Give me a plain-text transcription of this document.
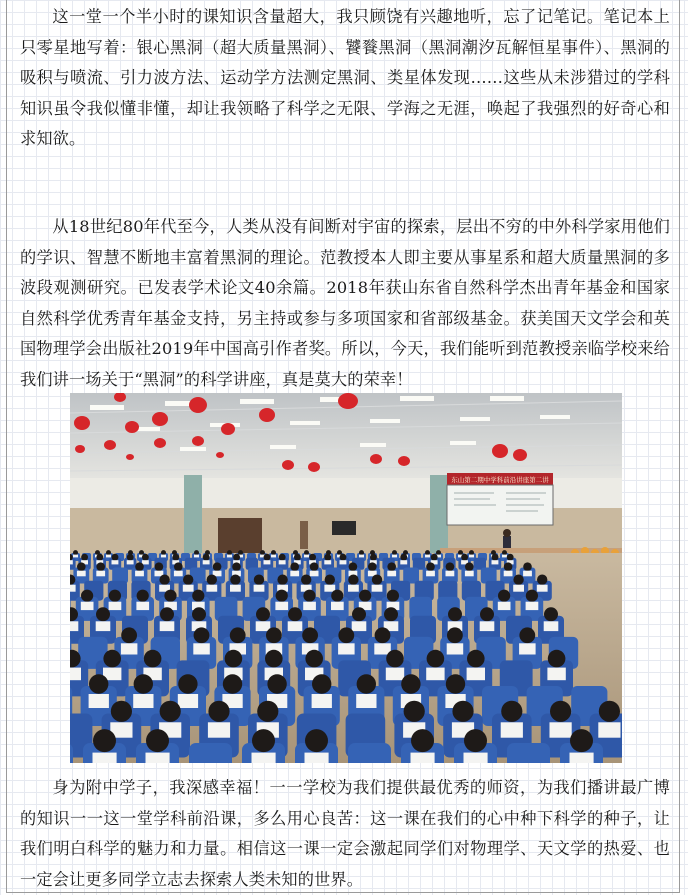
这一堂一个半小时的课知识含量超大，我只顾饶有兴趣地听，忘了记笔记。笔记本上只零星地写着：银心黑洞（超大质量黑洞）、饕餮黑洞（黑洞潮汐瓦解恒星事件）、黑洞的吸积与喷流、引力波方法、运动学方法测定黑洞、类星体发现……这些从未涉猎过的学科知识虽令我似懂非懂，却让我领略了科学之无限、学海之无涯，唤起了我强烈的好奇心和求知欲。

从18世纪80年代至今，人类从没有间断对宇宙的探索，层出不穷的中外科学家用他们的学识、智慧不断地丰富着黑洞的理论。范教授本人即主要从事星系和超大质量黑洞的多波段观测研究。已发表学术论文40余篇。2018年获山东省自然科学杰出青年基金和国家自然科学优秀青年基金支持，另主持或参与多项国家和省部级基金。获美国天文学会和英国物理学会出版社2019年中国高引作者奖。所以，今天，我们能听到范教授亲临学校来给我们讲一场关于“黑洞”的科学讲座，真是莫大的荣幸！

东山第二期中学科前沿讲座第二讲

身为附中学子，我深感幸福！一一学校为我们提供最优秀的师资，为我们播讲最广博的知识一一这一堂学科前沿课，多么用心良苦：这一课在我们的心中种下科学的种子，让我们明白科学的魅力和力量。相信这一课一定会激起同学们对物理学、天文学的热爱、也一定会让更多同学立志去探索人类未知的世界。
